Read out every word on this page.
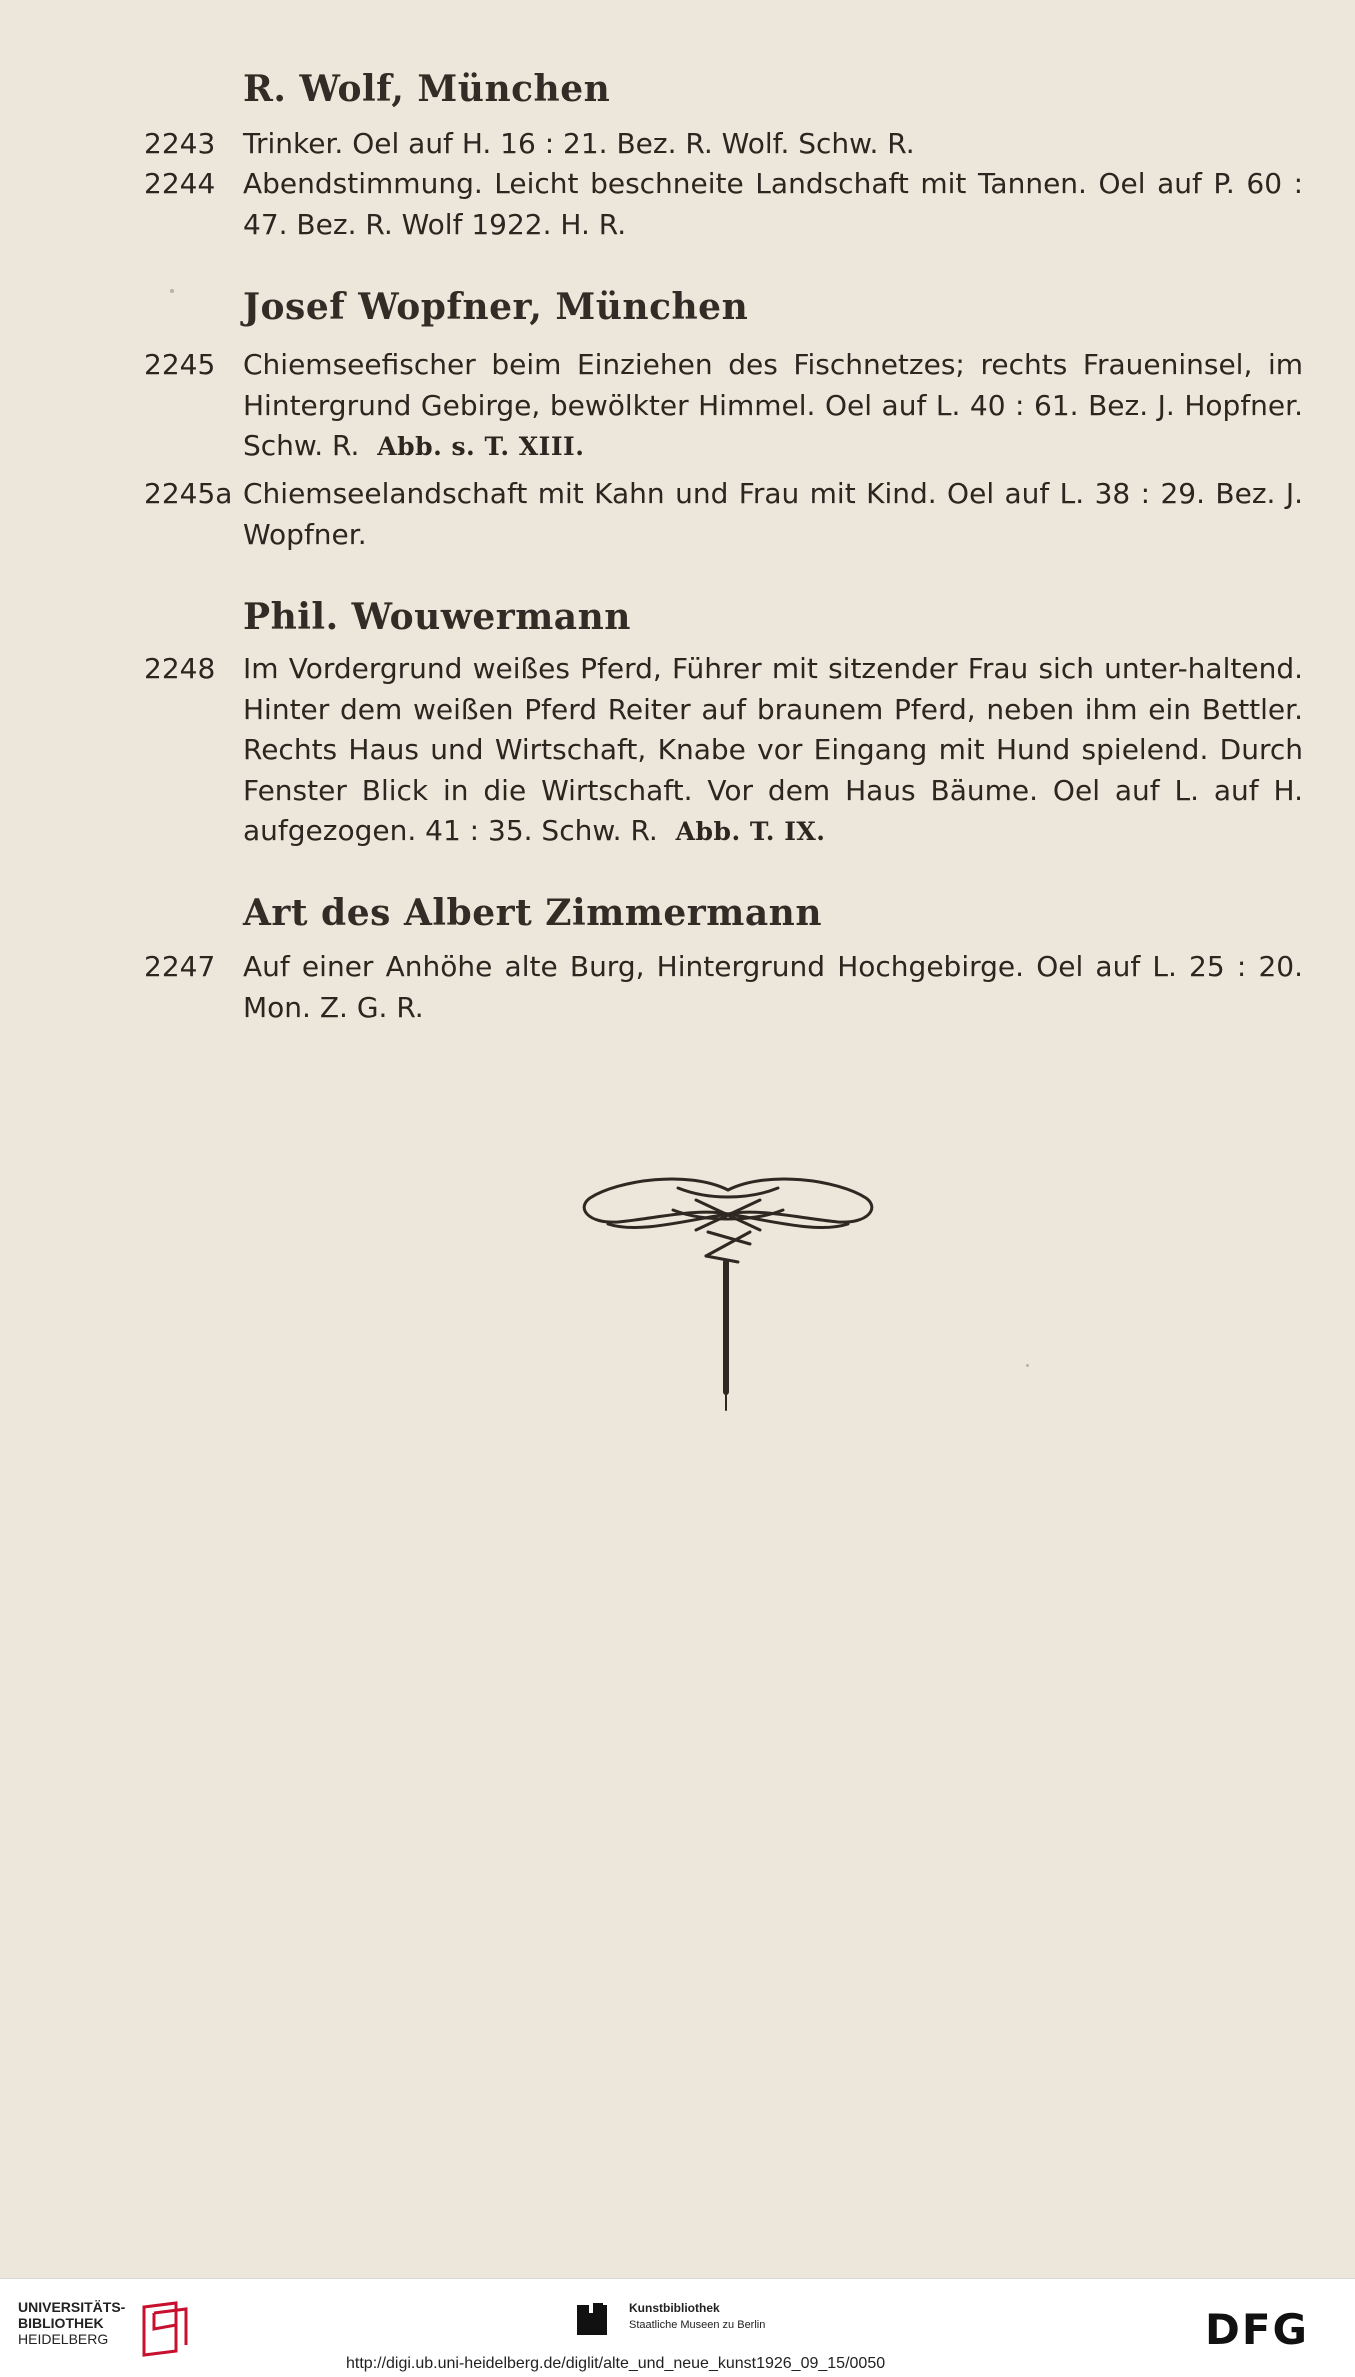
R. Wolf, München
2243 Trinker. Oel auf H. 16 : 21. Bez. R. Wolf. Schw. R.
2244 Abendstimmung. Leicht beschneite Landschaft mit Tannen. Oel auf P. 60 : 47. Bez. R. Wolf 1922. H. R.
Josef Wopfner, München
2245 Chiemseefischer beim Einziehen des Fischnetzes; rechts Fraueninsel, im Hintergrund Gebirge, bewölkter Himmel. Oel auf L. 40 : 61. Bez. J. Hopfner. Schw. R. Abb. s. T. XIII.
2245a Chiemseelandschaft mit Kahn und Frau mit Kind. Oel auf L. 38 : 29. Bez. J. Wopfner.
Phil. Wouwermann
2248 Im Vordergrund weißes Pferd, Führer mit sitzender Frau sich unter-haltend. Hinter dem weißen Pferd Reiter auf braunem Pferd, neben ihm ein Bettler. Rechts Haus und Wirtschaft, Knabe vor Eingang mit Hund spielend. Durch Fenster Blick in die Wirtschaft. Vor dem Haus Bäume. Oel auf L. auf H. aufgezogen. 41 : 35. Schw. R. Abb. T. IX.
Art des Albert Zimmermann
2247 Auf einer Anhöhe alte Burg, Hintergrund Hochgebirge. Oel auf L. 25 : 20. Mon. Z. G. R.
UNIVERSITÄTS-
BIBLIOTHEK
HEIDELBERG
Kunstbibliothek
Staatliche Museen zu Berlin	DFG
http://digi.ub.uni-heidelberg.de/diglit/alte_und_neue_kunst1926_09_15/0050
